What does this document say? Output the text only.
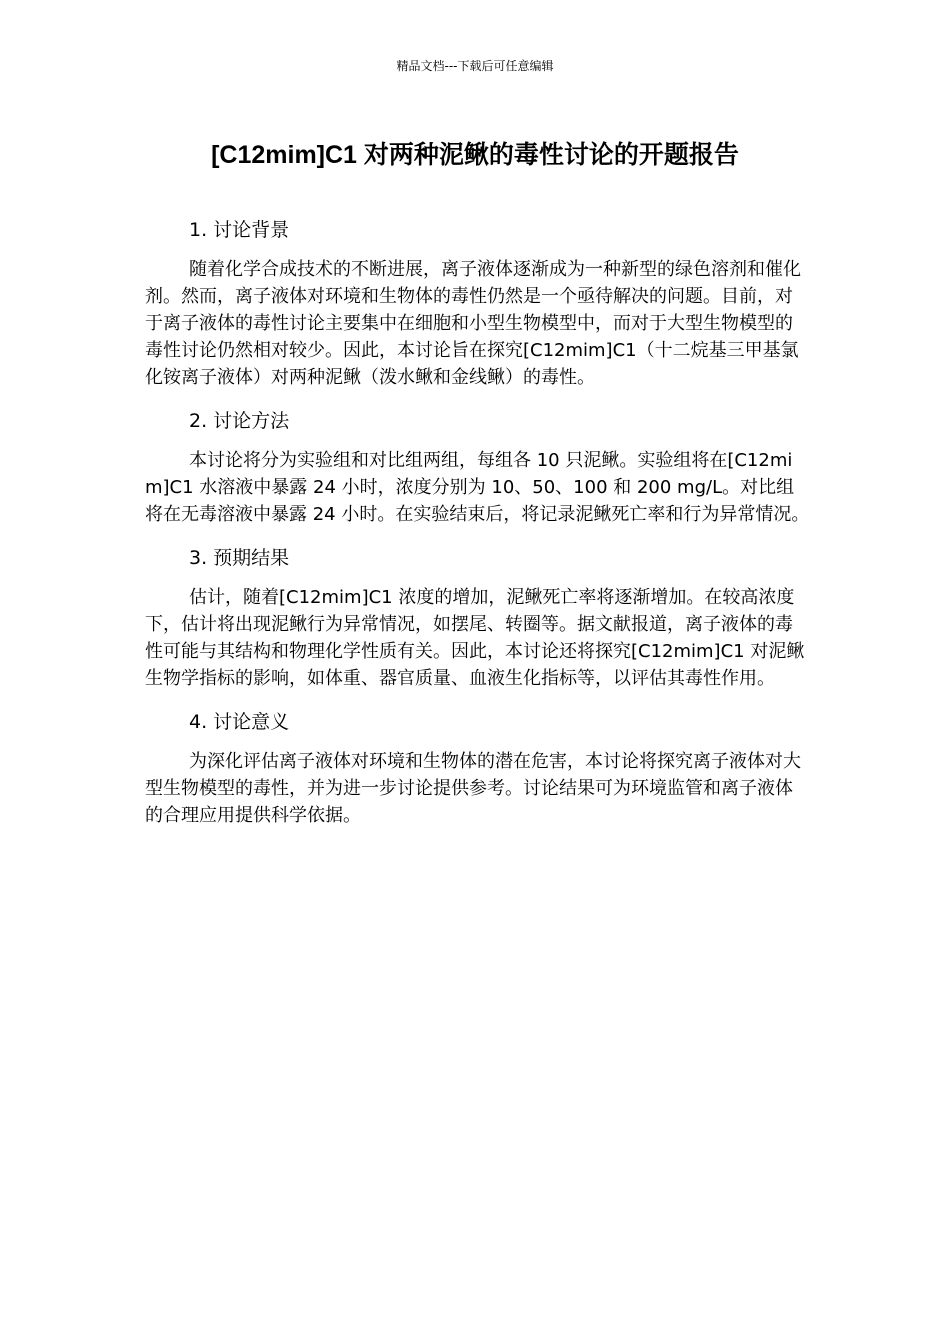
精品文档---下载后可任意编辑
[C12mim]C1 对两种泥鳅的毒性讨论的开题报告

1. 讨论背景

随着化学合成技术的不断进展，离子液体逐渐成为一种新型的绿色溶剂和催化剂。然而，离子液体对环境和生物体的毒性仍然是一个亟待解决的问题。目前，对于离子液体的毒性讨论主要集中在细胞和小型生物模型中，而对于大型生物模型的毒性讨论仍然相对较少。因此，本讨论旨在探究[C12mim]C1（十二烷基三甲基氯化铵离子液体）对两种泥鳅（泼水鳅和金线鳅）的毒性。

2. 讨论方法

本讨论将分为实验组和对比组两组，每组各 10 只泥鳅。实验组将在[C12mim]C1 水溶液中暴露 24 小时，浓度分别为 10、50、100 和 200 mg/L。对比组将在无毒溶液中暴露 24 小时。在实验结束后，将记录泥鳅死亡率和行为异常情况。

3. 预期结果

估计，随着[C12mim]C1 浓度的增加，泥鳅死亡率将逐渐增加。在较高浓度下，估计将出现泥鳅行为异常情况，如摆尾、转圈等。据文献报道，离子液体的毒性可能与其结构和物理化学性质有关。因此，本讨论还将探究[C12mim]C1 对泥鳅生物学指标的影响，如体重、器官质量、血液生化指标等，以评估其毒性作用。

4. 讨论意义

为深化评估离子液体对环境和生物体的潜在危害，本讨论将探究离子液体对大型生物模型的毒性，并为进一步讨论提供参考。讨论结果可为环境监管和离子液体的合理应用提供科学依据。
